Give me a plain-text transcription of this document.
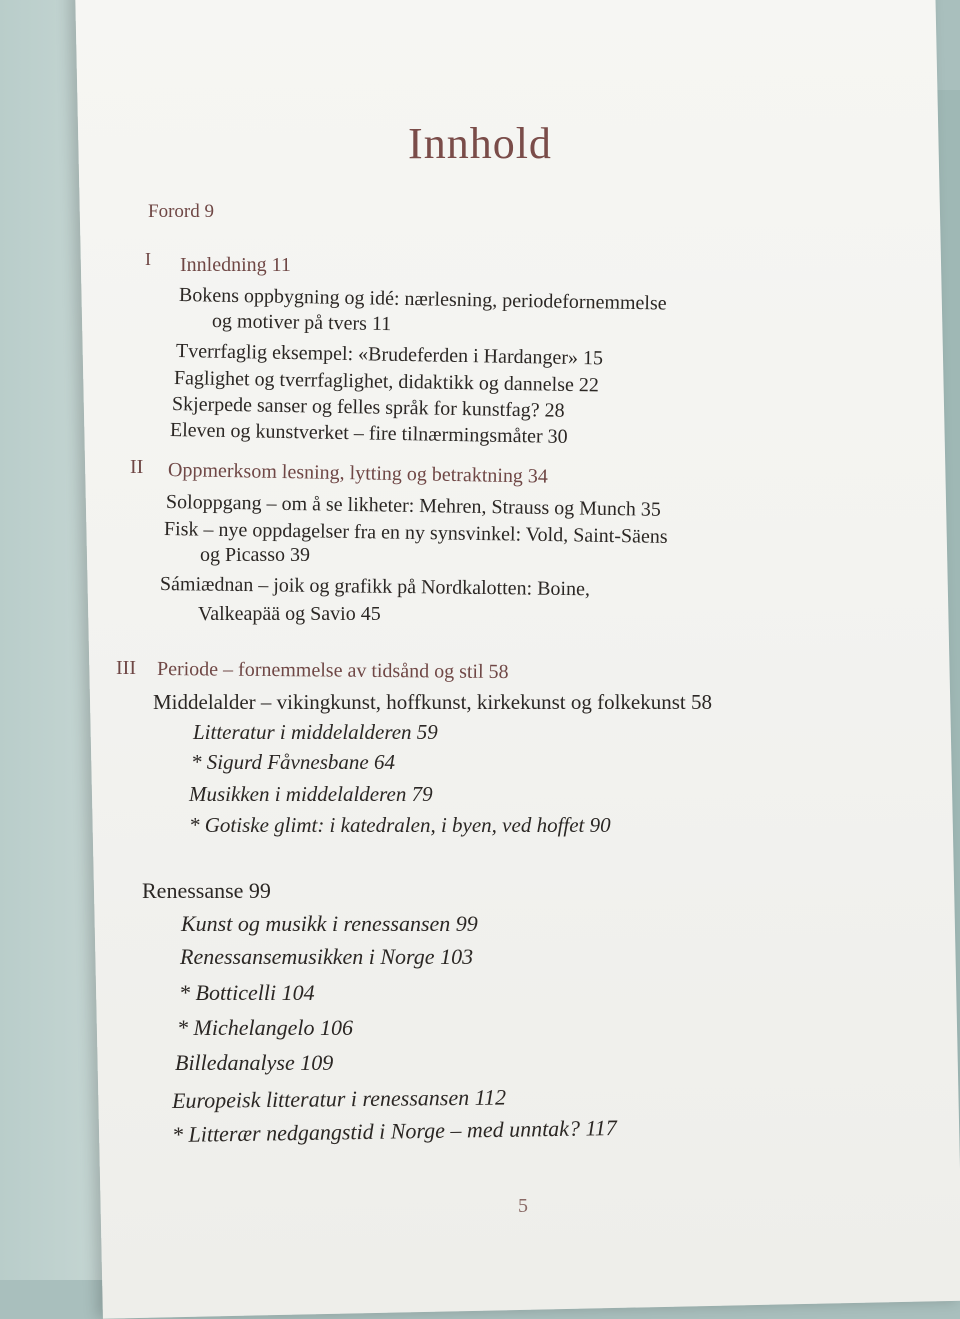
Innhold
Forord 9
I Innledning 11
Bokens oppbygning og idé: nærlesning, periodefornemmelse
og motiver på tvers 11
Tverrfaglig eksempel: «Brudeferden i Hardanger» 15
Faglighet og tverrfaglighet, didaktikk og dannelse 22
Skjerpede sanser og felles språk for kunstfag? 28
Eleven og kunstverket – fire tilnærmingsmåter 30
II Oppmerksom lesning, lytting og betraktning 34
Soloppgang – om å se likheter: Mehren, Strauss og Munch 35
Fisk – nye oppdagelser fra en ny synsvinkel: Vold, Saint-Säens
og Picasso 39
Sámiædnan – joik og grafikk på Nordkalotten: Boine,
Valkeapää og Savio 45
III Periode – fornemmelse av tidsånd og stil 58
Middelalder – vikingkunst, hoffkunst, kirkekunst og folkekunst 58
Litteratur i middelalderen 59
* Sigurd Fåvnesbane 64
Musikken i middelalderen 79
* Gotiske glimt: i katedralen, i byen, ved hoffet 90
Renessanse 99
Kunst og musikk i renessansen 99
Renessansemusikken i Norge 103
* Botticelli 104
* Michelangelo 106
Billedanalyse 109
Europeisk litteratur i renessansen 112
* Litterær nedgangstid i Norge – med unntak? 117
5
